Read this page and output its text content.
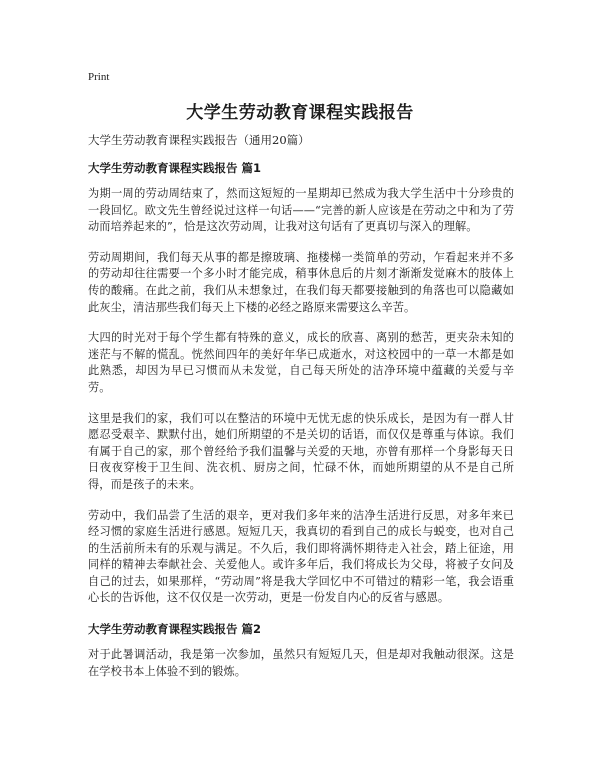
Print
大学生劳动教育课程实践报告

大学生劳动教育课程实践报告（通用20篇）

大学生劳动教育课程实践报告 篇1

为期一周的劳动周结束了，然而这短短的一星期却已然成为我大学生活中十分珍贵的一段回忆。欧文先生曾经说过这样一句话——“完善的新人应该是在劳动之中和为了劳动而培养起来的”，恰是这次劳动周，让我对这句话有了更真切与深入的理解。

劳动周期间，我们每天从事的都是擦玻璃、拖楼梯一类简单的劳动，乍看起来并不多的劳动却往往需要一个多小时才能完成，稍事休息后的片刻才渐渐发觉麻木的肢体上传的酸痛。在此之前，我们从未想象过，在我们每天都要接触到的角落也可以隐藏如此灰尘，清洁那些我们每天上下楼的必经之路原来需要这么辛苦。

大四的时光对于每个学生都有特殊的意义，成长的欣喜、离别的愁苦，更夹杂未知的迷茫与不解的慌乱。恍然间四年的美好年华已成逝水，对这校园中的一草一木都是如此熟悉，却因为早已习惯而从未发觉，自己每天所处的洁净环境中蕴藏的关爱与辛劳。

这里是我们的家，我们可以在整洁的环境中无忧无虑的快乐成长，是因为有一群人甘愿忍受艰辛、默默付出，她们所期望的不是关切的话语，而仅仅是尊重与体谅。我们有属于自己的家，那个曾经给予我们温馨与关爱的天地，亦曾有那样一个身影每天日日夜夜穿梭于卫生间、洗衣机、厨房之间，忙碌不休，而她所期望的从不是自己所得，而是孩子的未来。

劳动中，我们品尝了生活的艰辛，更对我们多年来的洁净生活进行反思，对多年来已经习惯的家庭生活进行感恩。短短几天，我真切的看到自己的成长与蜕变，也对自己的生活前所未有的乐观与满足。不久后，我们即将满怀期待走入社会，踏上征途，用同样的精神去奉献社会、关爱他人。或许多年后，我们将成长为父母，将被子女问及自己的过去，如果那样，“劳动周”将是我大学回忆中不可错过的精彩一笔，我会语重心长的告诉他，这不仅仅是一次劳动，更是一份发自内心的反省与感恩。

大学生劳动教育课程实践报告 篇2

对于此暑调活动，我是第一次参加，虽然只有短短几天，但是却对我触动很深。这是在学校书本上体验不到的锻炼。
